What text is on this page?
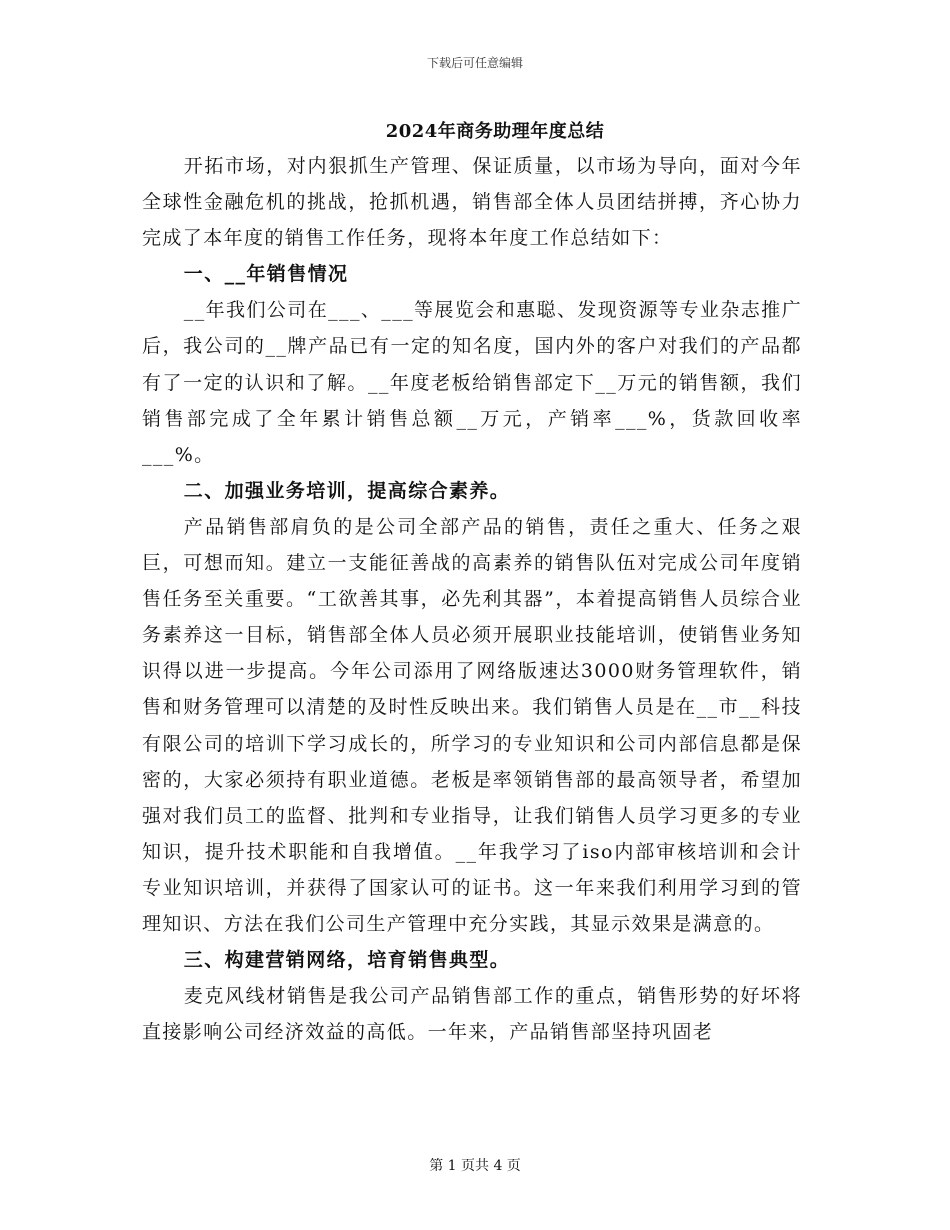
下载后可任意编辑
2024年商务助理年度总结

开拓市场，对内狠抓生产管理、保证质量，以市场为导向，面对今年全球性金融危机的挑战，抢抓机遇，销售部全体人员团结拼搏，齐心协力完成了本年度的销售工作任务，现将本年度工作总结如下：

一、__年销售情况

__年我们公司在___、___等展览会和惠聪、发现资源等专业杂志推广后，我公司的__牌产品已有一定的知名度，国内外的客户对我们的产品都有了一定的认识和了解。__年度老板给销售部定下__万元的销售额，我们销售部完成了全年累计销售总额__万元，产销率___%，货款回收率___%。

二、加强业务培训，提高综合素养。

产品销售部肩负的是公司全部产品的销售，责任之重大、任务之艰巨，可想而知。建立一支能征善战的高素养的销售队伍对完成公司年度销售任务至关重要。“工欲善其事，必先利其器”，本着提高销售人员综合业务素养这一目标，销售部全体人员必须开展职业技能培训，使销售业务知识得以进一步提高。今年公司添用了网络版速达3000财务管理软件，销售和财务管理可以清楚的及时性反映出来。我们销售人员是在__市__科技有限公司的培训下学习成长的，所学习的专业知识和公司内部信息都是保密的，大家必须持有职业道德。老板是率领销售部的最高领导者，希望加强对我们员工的监督、批判和专业指导，让我们销售人员学习更多的专业知识，提升技术职能和自我增值。__年我学习了iso内部审核培训和会计专业知识培训，并获得了国家认可的证书。这一年来我们利用学习到的管理知识、方法在我们公司生产管理中充分实践，其显示效果是满意的。

三、构建营销网络，培育销售典型。

麦克风线材销售是我公司产品销售部工作的重点，销售形势的好坏将直接影响公司经济效益的高低。一年来，产品销售部坚持巩固老

第 1 页共 4 页
